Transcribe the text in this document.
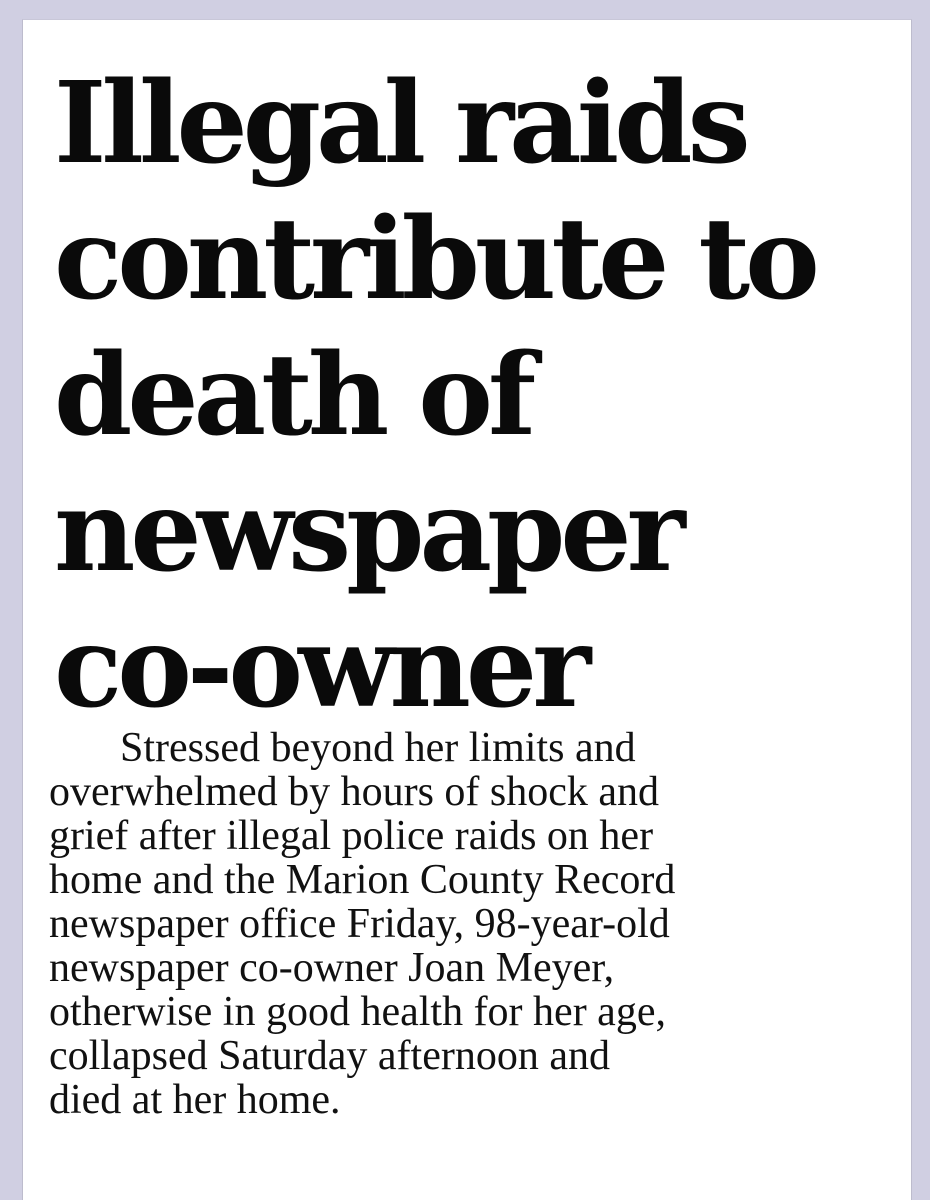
Illegal raids
contribute to
death of
newspaper
co-owner

Stressed beyond her limits and
overwhelmed by hours of shock and
grief after illegal police raids on her
home and the Marion County Record
newspaper office Friday, 98-year-old
newspaper co-owner Joan Meyer,
otherwise in good health for her age,
collapsed Saturday afternoon and
died at her home.
